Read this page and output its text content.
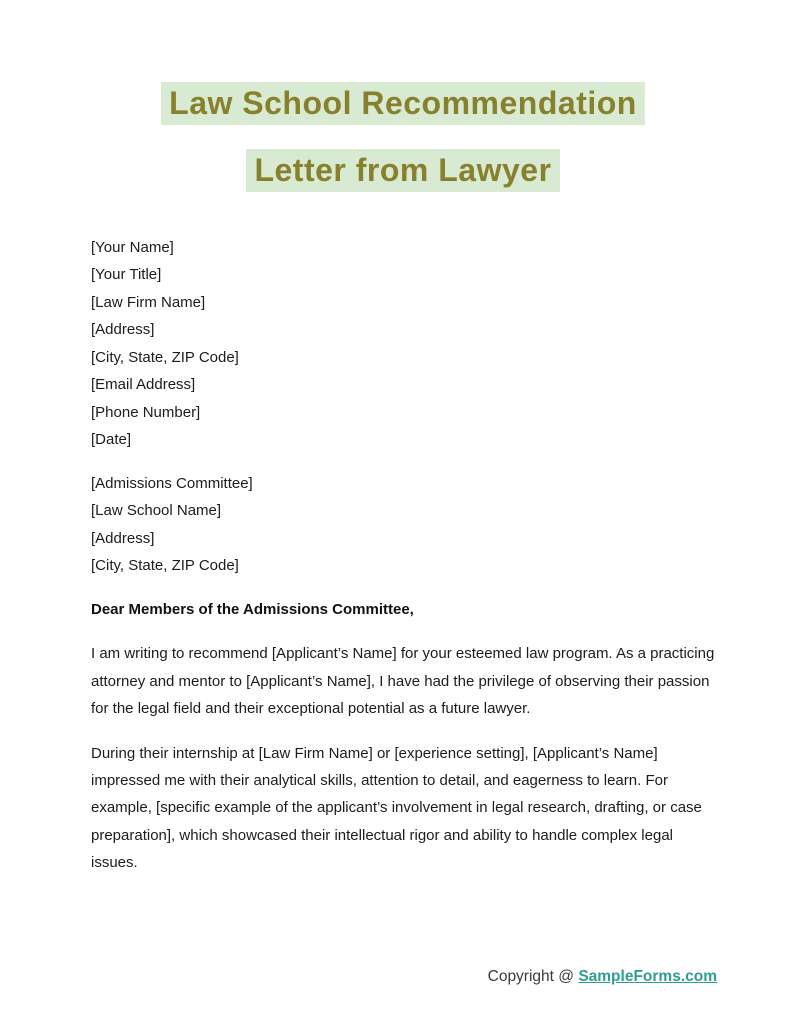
Law School Recommendation
Letter from Lawyer
[Your Name]
[Your Title]
[Law Firm Name]
[Address]
[City, State, ZIP Code]
[Email Address]
[Phone Number]
[Date]
[Admissions Committee]
[Law School Name]
[Address]
[City, State, ZIP Code]
Dear Members of the Admissions Committee,
I am writing to recommend [Applicant’s Name] for your esteemed law program. As a practicing attorney and mentor to [Applicant’s Name], I have had the privilege of observing their passion for the legal field and their exceptional potential as a future lawyer.
During their internship at [Law Firm Name] or [experience setting], [Applicant’s Name] impressed me with their analytical skills, attention to detail, and eagerness to learn. For example, [specific example of the applicant’s involvement in legal research, drafting, or case preparation], which showcased their intellectual rigor and ability to handle complex legal issues.
Copyright @ SampleForms.com
